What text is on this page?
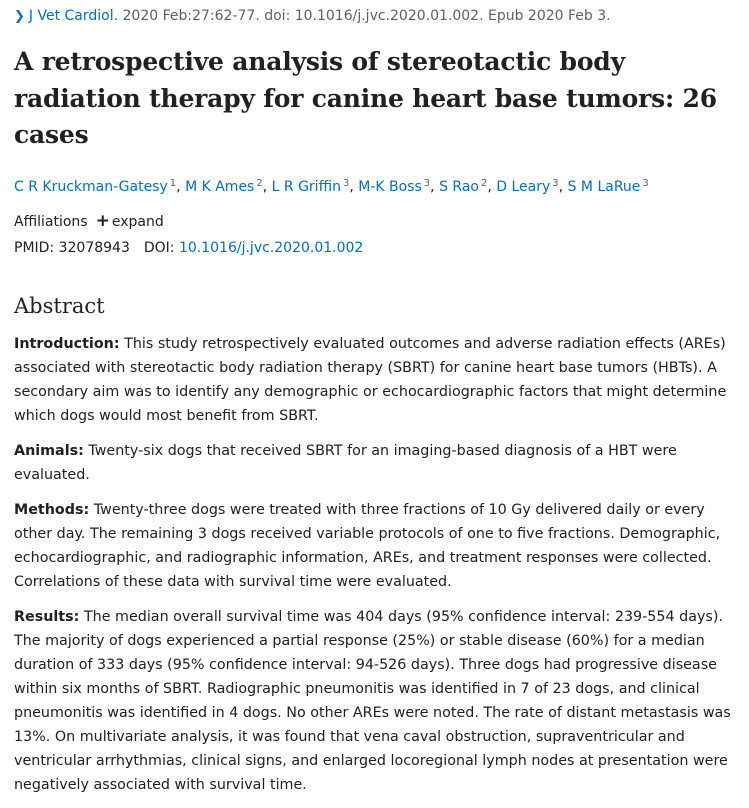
❯ J Vet Cardiol. 2020 Feb:27:62-77. doi: 10.1016/j.jvc.2020.01.002. Epub 2020 Feb 3.
A retrospective analysis of stereotactic body radiation therapy for canine heart base tumors: 26 cases
C R Kruckman-Gatesy $^1$, M K Ames $^2$, L R Griffin $^3$, M-K Boss $^3$, S Rao $^2$, D Leary $^3$, S M LaRue $^3$
Affiliations + expand
PMID: 32078943 DOI: 10.1016/j.jvc.2020.01.002
Abstract

Introduction: This study retrospectively evaluated outcomes and adverse radiation effects (AREs) associated with stereotactic body radiation therapy (SBRT) for canine heart base tumors (HBTs). A secondary aim was to identify any demographic or echocardiographic factors that might determine which dogs would most benefit from SBRT.

Animals: Twenty-six dogs that received SBRT for an imaging-based diagnosis of a HBT were evaluated.

Methods: Twenty-three dogs were treated with three fractions of 10 Gy delivered daily or every other day. The remaining 3 dogs received variable protocols of one to five fractions. Demographic, echocardiographic, and radiographic information, AREs, and treatment responses were collected. Correlations of these data with survival time were evaluated.

Results: The median overall survival time was 404 days (95% confidence interval: 239-554 days). The majority of dogs experienced a partial response (25%) or stable disease (60%) for a median duration of 333 days (95% confidence interval: 94-526 days). Three dogs had progressive disease within six months of SBRT. Radiographic pneumonitis was identified in 7 of 23 dogs, and clinical pneumonitis was identified in 4 dogs. No other AREs were noted. The rate of distant metastasis was 13%. On multivariate analysis, it was found that vena caval obstruction, supraventricular and ventricular arrhythmias, clinical signs, and enlarged locoregional lymph nodes at presentation were negatively associated with survival time.
